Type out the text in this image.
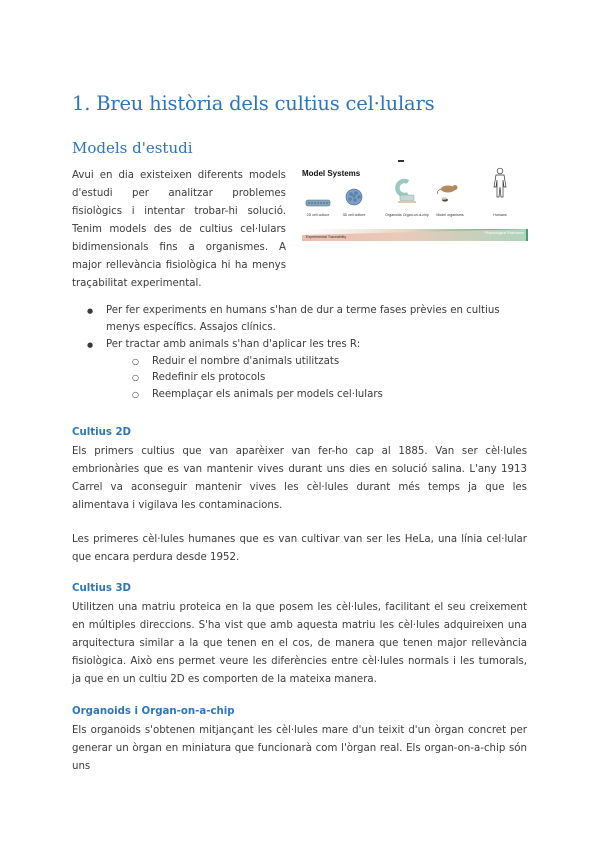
1. Breu història dels cultius cel·lulars
Models d'estudi

Avui en dia existeixen diferents models d'estudi per analitzar problemes fisiològics i intentar trobar-hi solució. Tenim models des de cultius cel·lulars bidimensionals fins a organismes. A major rellevància fisiològica hi ha menys traçabilitat experimental.

Model Systems
2D cell culture	3D cell culture	Organoids Organ-on-a-chip Model organisms	Humans
Experimental Traceability
Physiological Relevance
● Per fer experiments en humans s'han de dur a terme fases prèvies en cultius menys específics. Assajos clínics.
● Per tractar amb animals s'han d'aplicar les tres R:
○ Reduir el nombre d'animals utilitzats
○ Redefinir els protocols
○ Reemplaçar els animals per models cel·lulars
Cultius 2D

Els primers cultius que van aparèixer van fer-ho cap al 1885. Van ser cèl·lules embrionàries que es van mantenir vives durant uns dies en solució salina. L'any 1913 Carrel va aconseguir mantenir vives les cèl·lules durant més temps ja que les alimentava i vigilava les contaminacions.

Les primeres cèl·lules humanes que es van cultivar van ser les HeLa, una línia cel·lular que encara perdura desde 1952.

Cultius 3D

Utilitzen una matriu proteica en la que posem les cèl·lules, facilitant el seu creixement en múltiples direccions. S'ha vist que amb aquesta matriu les cèl·lules adquireixen una arquitectura similar a la que tenen en el cos, de manera que tenen major rellevància fisiològica. Això ens permet veure les diferències entre cèl·lules normals i les tumorals, ja que en un cultiu 2D es comporten de la mateixa manera.

Organoids i Organ-on-a-chip

Els organoids s'obtenen mitjançant les cèl·lules mare d'un teixit d'un òrgan concret per generar un òrgan en miniatura que funcionarà com l'òrgan real. Els organ-on-a-chip són uns
